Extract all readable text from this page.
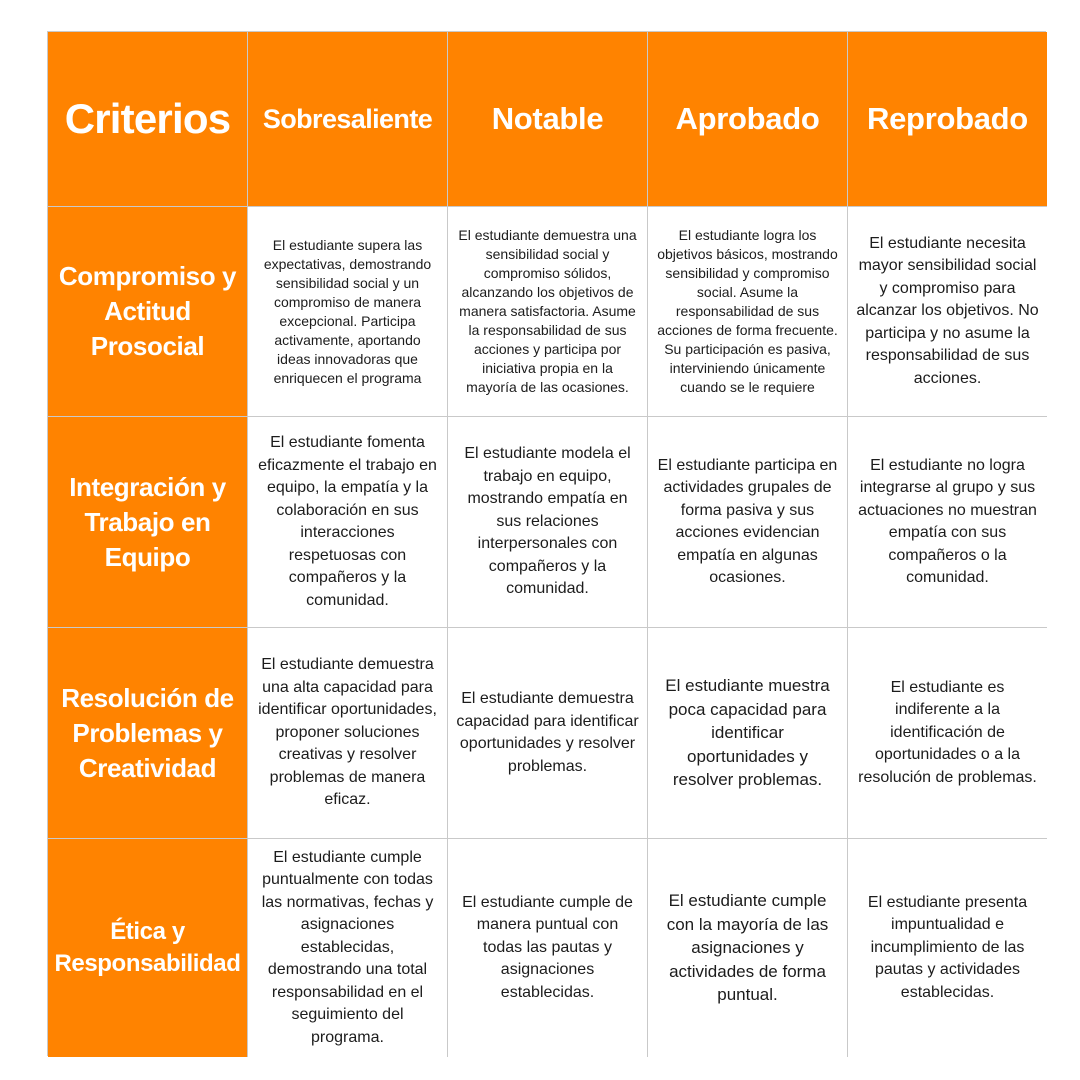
Criterios Sobresaliente Notable Aprobado Reprobado
Compromiso y Actitud Prosocial
El estudiante supera las expectativas, demostrando sensibilidad social y un compromiso de manera excepcional. Participa activamente, aportando ideas innovadoras que enriquecen el programa
El estudiante demuestra una sensibilidad social y compromiso sólidos, alcanzando los objetivos de manera satisfactoria. Asume la responsabilidad de sus acciones y participa por iniciativa propia en la mayoría de las ocasiones.
El estudiante logra los objetivos básicos, mostrando sensibilidad y compromiso social. Asume la responsabilidad de sus acciones de forma frecuente. Su participación es pasiva, interviniendo únicamente cuando se le requiere
El estudiante necesita mayor sensibilidad social y compromiso para alcanzar los objetivos. No participa y no asume la responsabilidad de sus acciones.
Integración y Trabajo en Equipo
El estudiante fomenta eficazmente el trabajo en equipo, la empatía y la colaboración en sus interacciones respetuosas con compañeros y la comunidad.
El estudiante modela el trabajo en equipo, mostrando empatía en sus relaciones interpersonales con compañeros y la comunidad.
El estudiante participa en actividades grupales de forma pasiva y sus acciones evidencian empatía en algunas ocasiones.
El estudiante no logra integrarse al grupo y sus actuaciones no muestran empatía con sus compañeros o la comunidad.
Resolución de Problemas y Creatividad
El estudiante demuestra una alta capacidad para identificar oportunidades, proponer soluciones creativas y resolver problemas de manera eficaz.
El estudiante demuestra capacidad para identificar oportunidades y resolver problemas.
El estudiante muestra poca capacidad para identificar oportunidades y resolver problemas.
El estudiante es indiferente a la identificación de oportunidades o a la resolución de problemas.
Ética y Responsabilidad
El estudiante cumple puntualmente con todas las normativas, fechas y asignaciones establecidas, demostrando una total responsabilidad en el seguimiento del programa.
El estudiante cumple de manera puntual con todas las pautas y asignaciones establecidas.
El estudiante cumple con la mayoría de las asignaciones y actividades de forma puntual.
El estudiante presenta impuntualidad e incumplimiento de las pautas y actividades establecidas.
